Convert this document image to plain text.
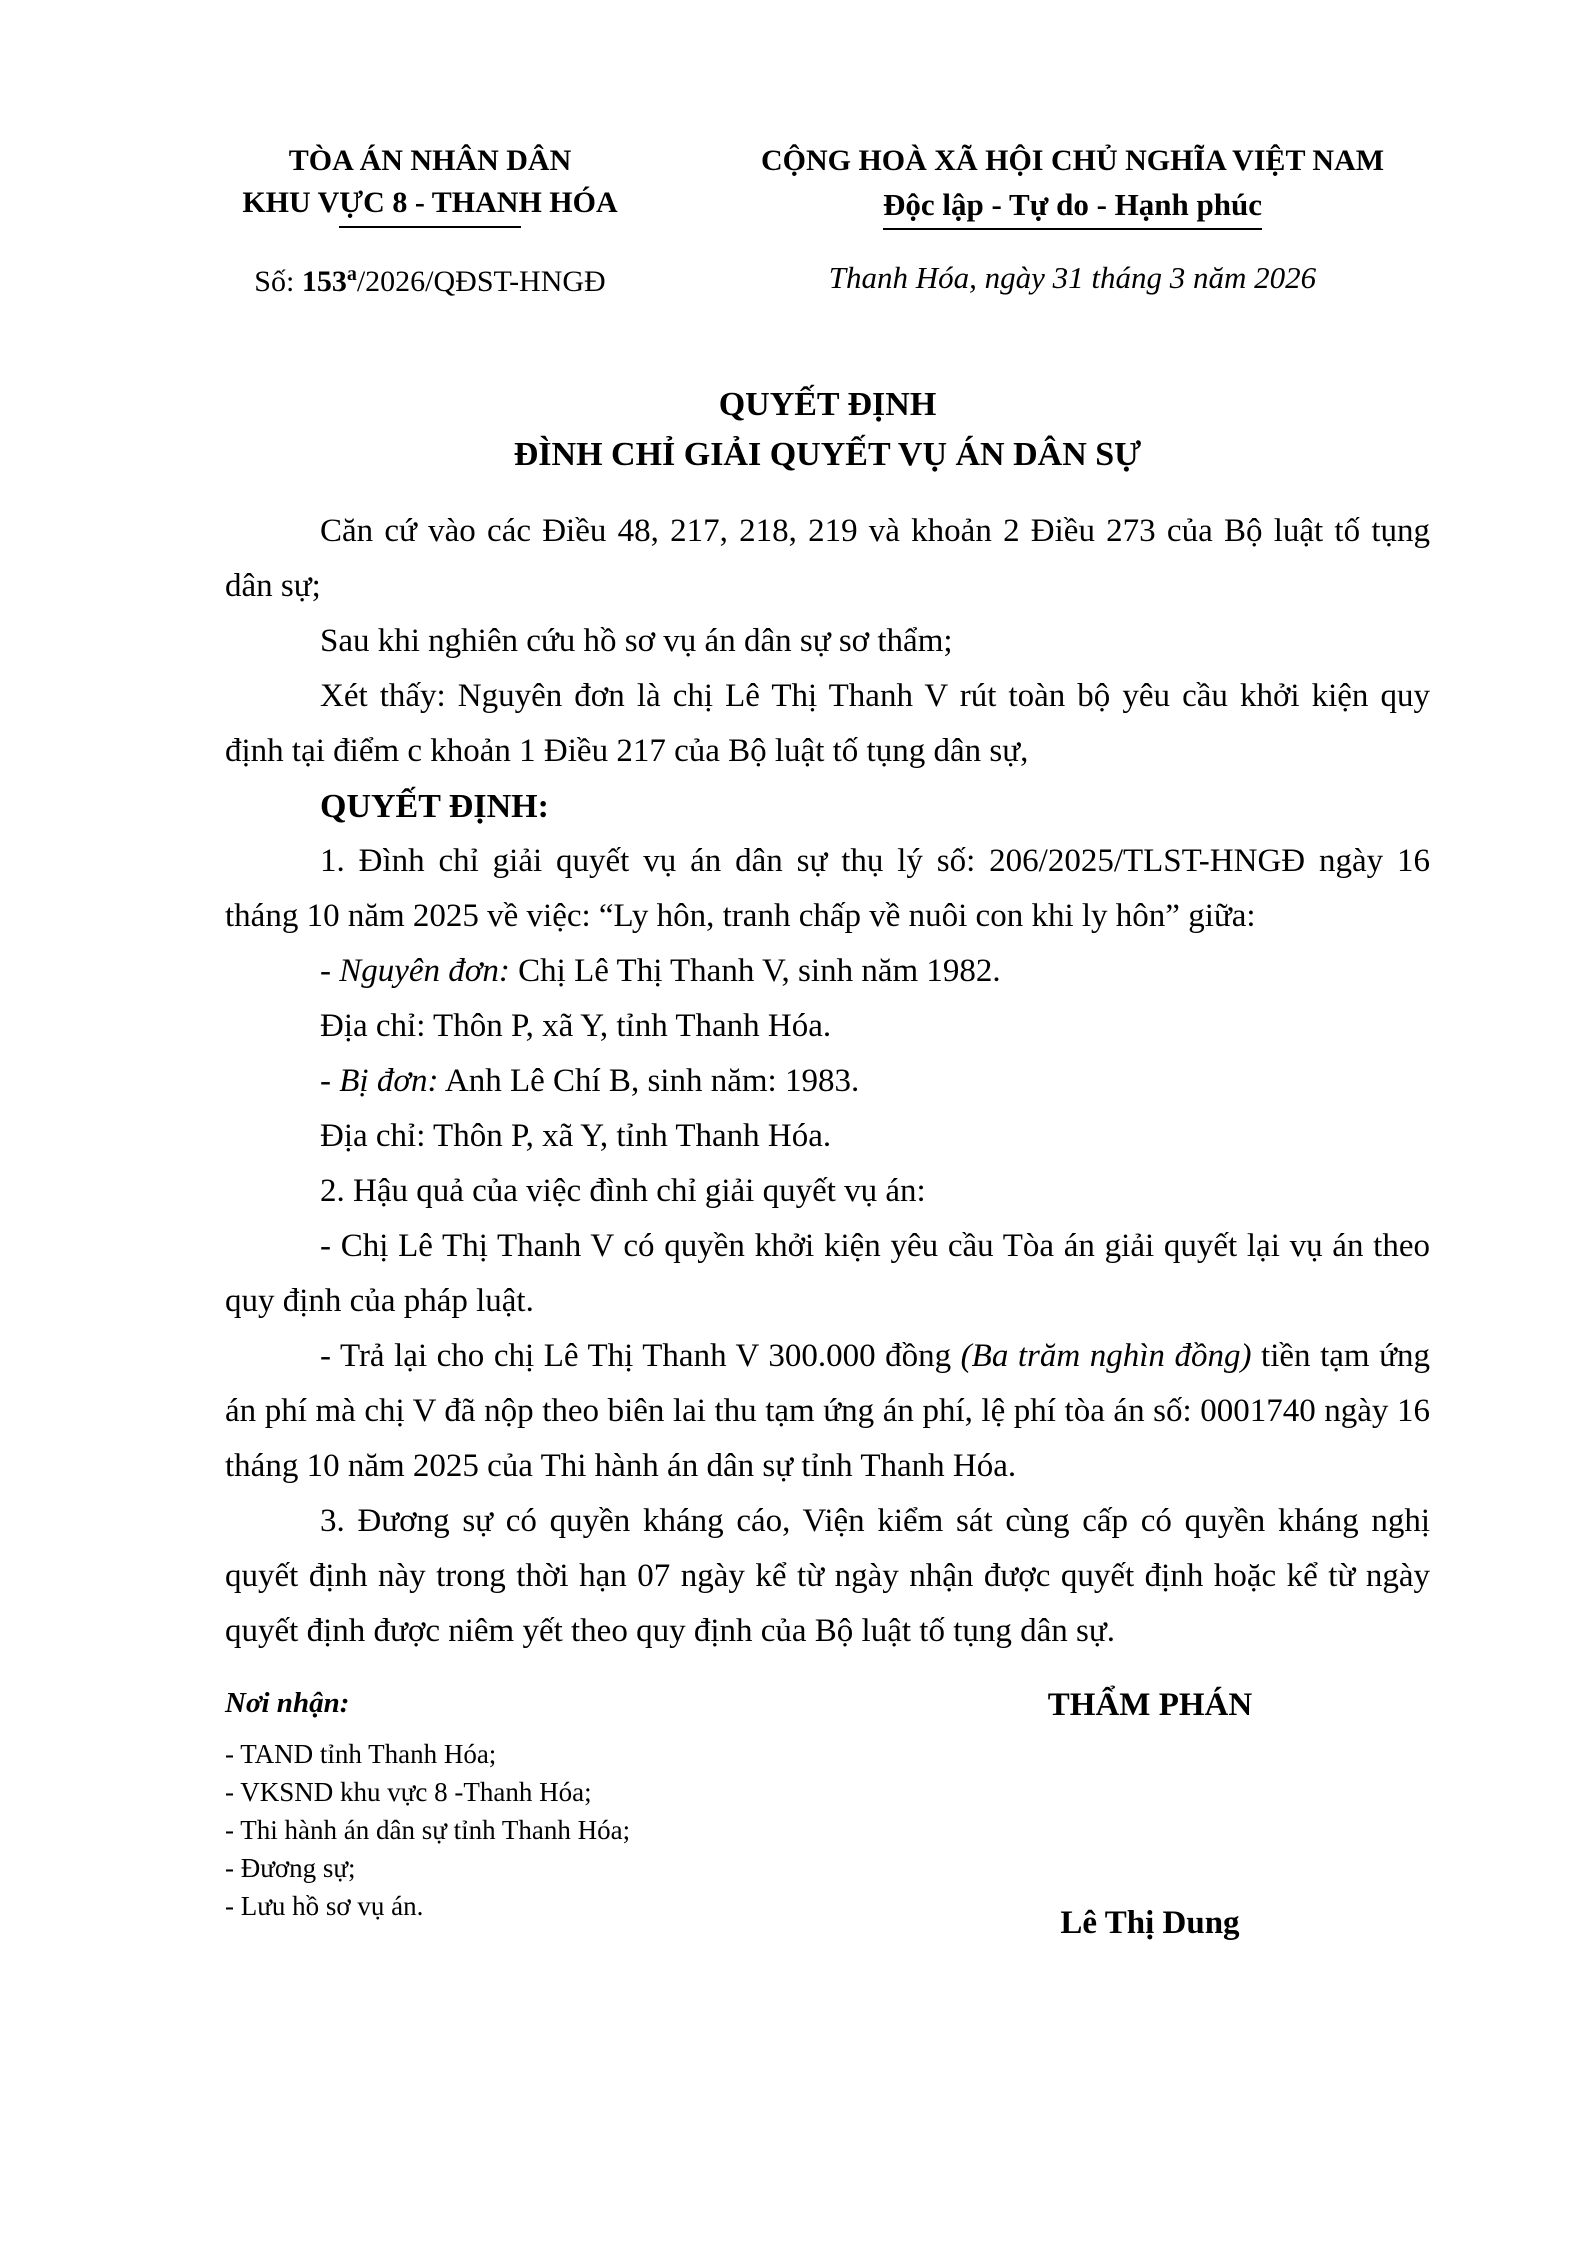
TÒA ÁN NHÂN DÂN
KHU VỰC 8 - THANH HÓA
Số: 153$^a$/2026/QĐST-HNGĐ
CỘNG HOÀ XÃ HỘI CHỦ NGHĨA VIỆT NAM
Độc lập - Tự do - Hạnh phúc
Thanh Hóa, ngày 31 tháng 3 năm 2026
QUYẾT ĐỊNH
ĐÌNH CHỈ GIẢI QUYẾT VỤ ÁN DÂN SỰ

Căn cứ vào các Điều 48, 217, 218, 219 và khoản 2 Điều 273 của Bộ luật tố tụng dân sự;

Sau khi nghiên cứu hồ sơ vụ án dân sự sơ thẩm;

Xét thấy: Nguyên đơn là chị Lê Thị Thanh V rút toàn bộ yêu cầu khởi kiện quy định tại điểm c khoản 1 Điều 217 của Bộ luật tố tụng dân sự,

QUYẾT ĐỊNH:

1. Đình chỉ giải quyết vụ án dân sự thụ lý số: 206/2025/TLST-HNGĐ ngày 16 tháng 10 năm 2025 về việc: “Ly hôn, tranh chấp về nuôi con khi ly hôn” giữa:

- Nguyên đơn: Chị Lê Thị Thanh V, sinh năm 1982.

Địa chỉ: Thôn P, xã Y, tỉnh Thanh Hóa.

- Bị đơn: Anh Lê Chí B, sinh năm: 1983.

Địa chỉ: Thôn P, xã Y, tỉnh Thanh Hóa.

2. Hậu quả của việc đình chỉ giải quyết vụ án:

- Chị Lê Thị Thanh V có quyền khởi kiện yêu cầu Tòa án giải quyết lại vụ án theo quy định của pháp luật.

- Trả lại cho chị Lê Thị Thanh V 300.000 đồng (Ba trăm nghìn đồng) tiền tạm ứng án phí mà chị V đã nộp theo biên lai thu tạm ứng án phí, lệ phí tòa án số: 0001740 ngày 16 tháng 10 năm 2025 của Thi hành án dân sự tỉnh Thanh Hóa.

3. Đương sự có quyền kháng cáo, Viện kiểm sát cùng cấp có quyền kháng nghị quyết định này trong thời hạn 07 ngày kể từ ngày nhận được quyết định hoặc kể từ ngày quyết định được niêm yết theo quy định của Bộ luật tố tụng dân sự.

Nơi nhận:
- TAND tỉnh Thanh Hóa;
- VKSND khu vực 8 -Thanh Hóa;
- Thi hành án dân sự tỉnh Thanh Hóa;
- Đương sự;
- Lưu hồ sơ vụ án.
THẨM PHÁN
Lê Thị Dung
